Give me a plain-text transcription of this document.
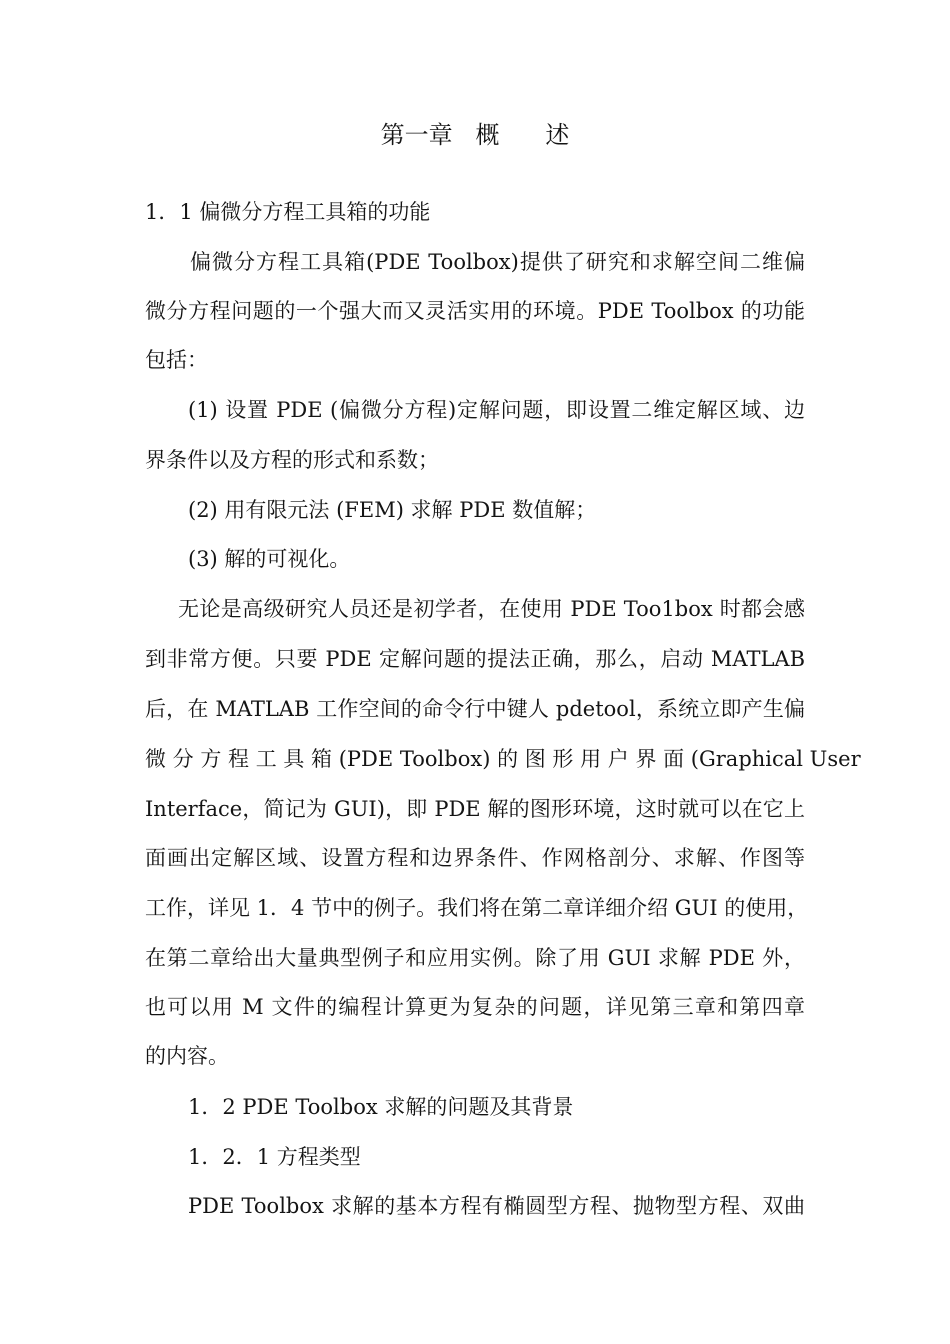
第一章   概      述
1．1 偏微分方程工具箱的功能
偏微分方程工具箱(PDE Toolbox)提供了研究和求解空间二维偏
微分方程问题的一个强大而又灵活实用的环境。PDE Toolbox 的功能
包括：
(1) 设置 PDE (偏微分方程)定解问题，即设置二维定解区域、边
界条件以及方程的形式和系数；
(2) 用有限元法 (FEM) 求解 PDE 数值解；
(3) 解的可视化。
无论是高级研究人员还是初学者，在使用 PDE Too1box 时都会感
到非常方便。只要 PDE 定解问题的提法正确，那么，启动 MATLAB
后，在 MATLAB 工作空间的命令行中键人 pdetool，系统立即产生偏
微 分 方 程 工 具 箱 (PDE Toolbox) 的 图 形 用 户 界 面 (Graphical User
Interface，简记为 GUI)，即 PDE 解的图形环境，这时就可以在它上
面画出定解区域、设置方程和边界条件、作网格剖分、求解、作图等
工作，详见 1．4 节中的例子。我们将在第二章详细介绍 GUI 的使用，
在第二章给出大量典型例子和应用实例。除了用 GUI 求解 PDE 外，
也可以用 M 文件的编程计算更为复杂的问题，详见第三章和第四章
的内容。
1．2 PDE Toolbox 求解的问题及其背景
1．2．1 方程类型
PDE Toolbox 求解的基本方程有椭圆型方程、抛物型方程、双曲
